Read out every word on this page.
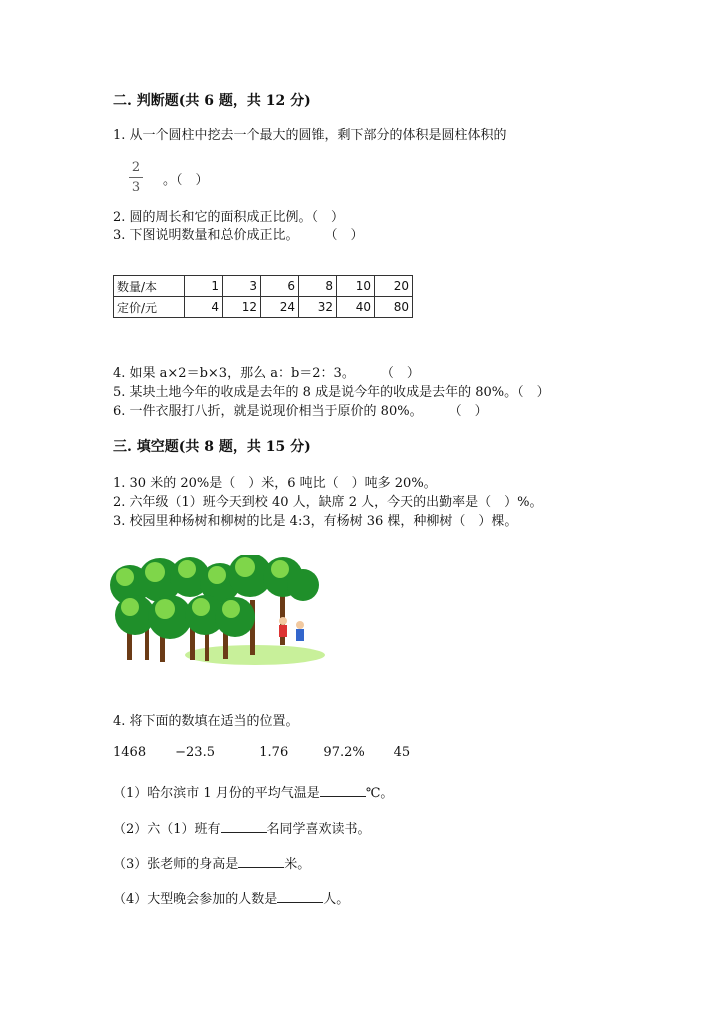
二. 判断题(共 6 题，共 12 分)
1. 从一个圆柱中挖去一个最大的圆锥，剩下部分的体积是圆柱体积的
2
3 。（　）
2. 圆的周长和它的面积成正比例。（　）
3. 下图说明数量和总价成正比。　　　（　）
数量/本	1	3	6	8	10	20
定价/元	4	12	24	32	40	80
4. 如果 a×2＝b×3，那么 a：b＝2：3。　　　（　）
5. 某块土地今年的收成是去年的 8 成是说今年的收成是去年的 80%。（　）
6. 一件衣服打八折，就是说现价相当于原价的 80%。　　　（　）
三. 填空题(共 8 题，共 15 分)
1. 30 米的 20%是（　）米，6 吨比（　）吨多 20%。
2. 六年级（1）班今天到校 40 人，缺席 2 人，今天的出勤率是（　）%。
3. 校园里种杨树和柳树的比是 4:3，有杨树 36 棵，种柳树（　）棵。
4. 将下面的数填在适当的位置。
1468 −23.5	1.76	97.2% 45
（1）哈尔滨市 1 月份的平均气温是	℃。
（2）六（1）班有	名同学喜欢读书。
（3）张老师的身高是	米。
（4）大型晚会参加的人数是	人。
